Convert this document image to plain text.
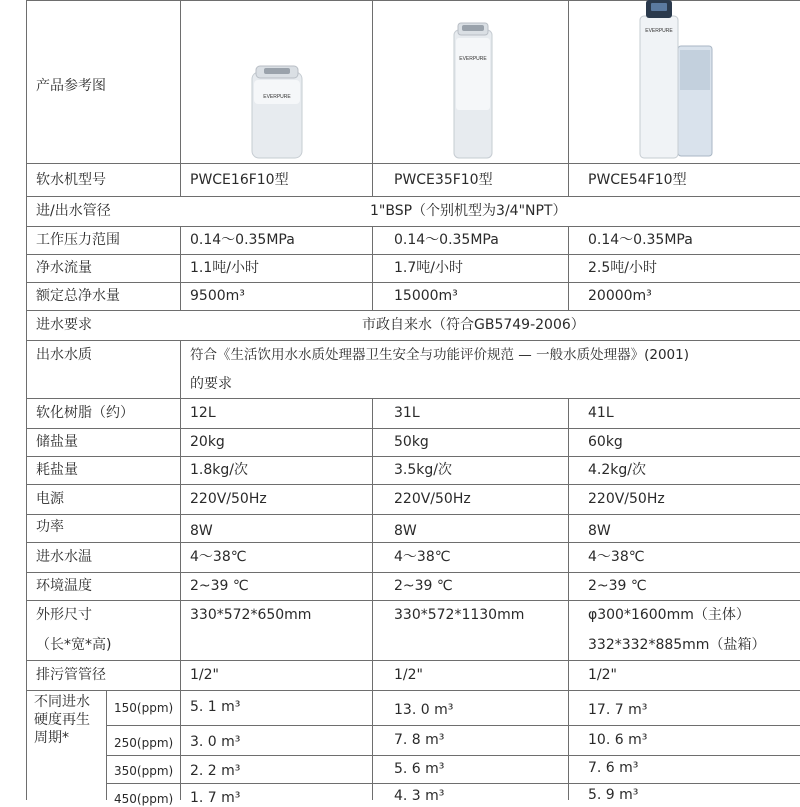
EVERPURE
EVERPURE
EVERPURE
产品参考图
软水机型号
进/出水管径
工作压力范围
净水流量
额定总净水量
进水要求
出水水质
软化树脂（约）
储盐量
耗盐量
电源
功率
进水水温
环境温度
外形尺寸
（长*宽*高)
排污管管径
不同进水
硬度再生
周期*
150(ppm)
250(ppm)
350(ppm)
450(ppm)
1"BSP（个别机型为3/4"NPT）
市政自来水（符合GB5749-2006）
符合《生活饮用水水质处理器卫生安全与功能评价规范 — 一般水质处理器》(2001)
的要求
PWCE16F10型
0.14～0.35MPa
1.1吨/小时
9500m³
12L
20kg
1.8kg/次
220V/50Hz
8W
4～38℃
2~39 ℃
330*572*650mm
1/2"
5. 1 m³
3. 0 m³
2. 2 m³
1. 7 m³
PWCE35F10型
0.14～0.35MPa
1.7吨/小时
15000m³
31L
50kg
3.5kg/次
220V/50Hz
8W
4～38℃
2~39 ℃
330*572*1130mm
1/2"
13. 0 m³
7. 8 m³
5. 6 m³
4. 3 m³
PWCE54F10型
0.14～0.35MPa
2.5吨/小时
20000m³
41L
60kg
4.2kg/次
220V/50Hz
8W
4～38℃
2~39 ℃
φ300*1600mm（主体）
332*332*885mm（盐箱）
1/2"
17. 7 m³
10. 6 m³
7. 6 m³
5. 9 m³
